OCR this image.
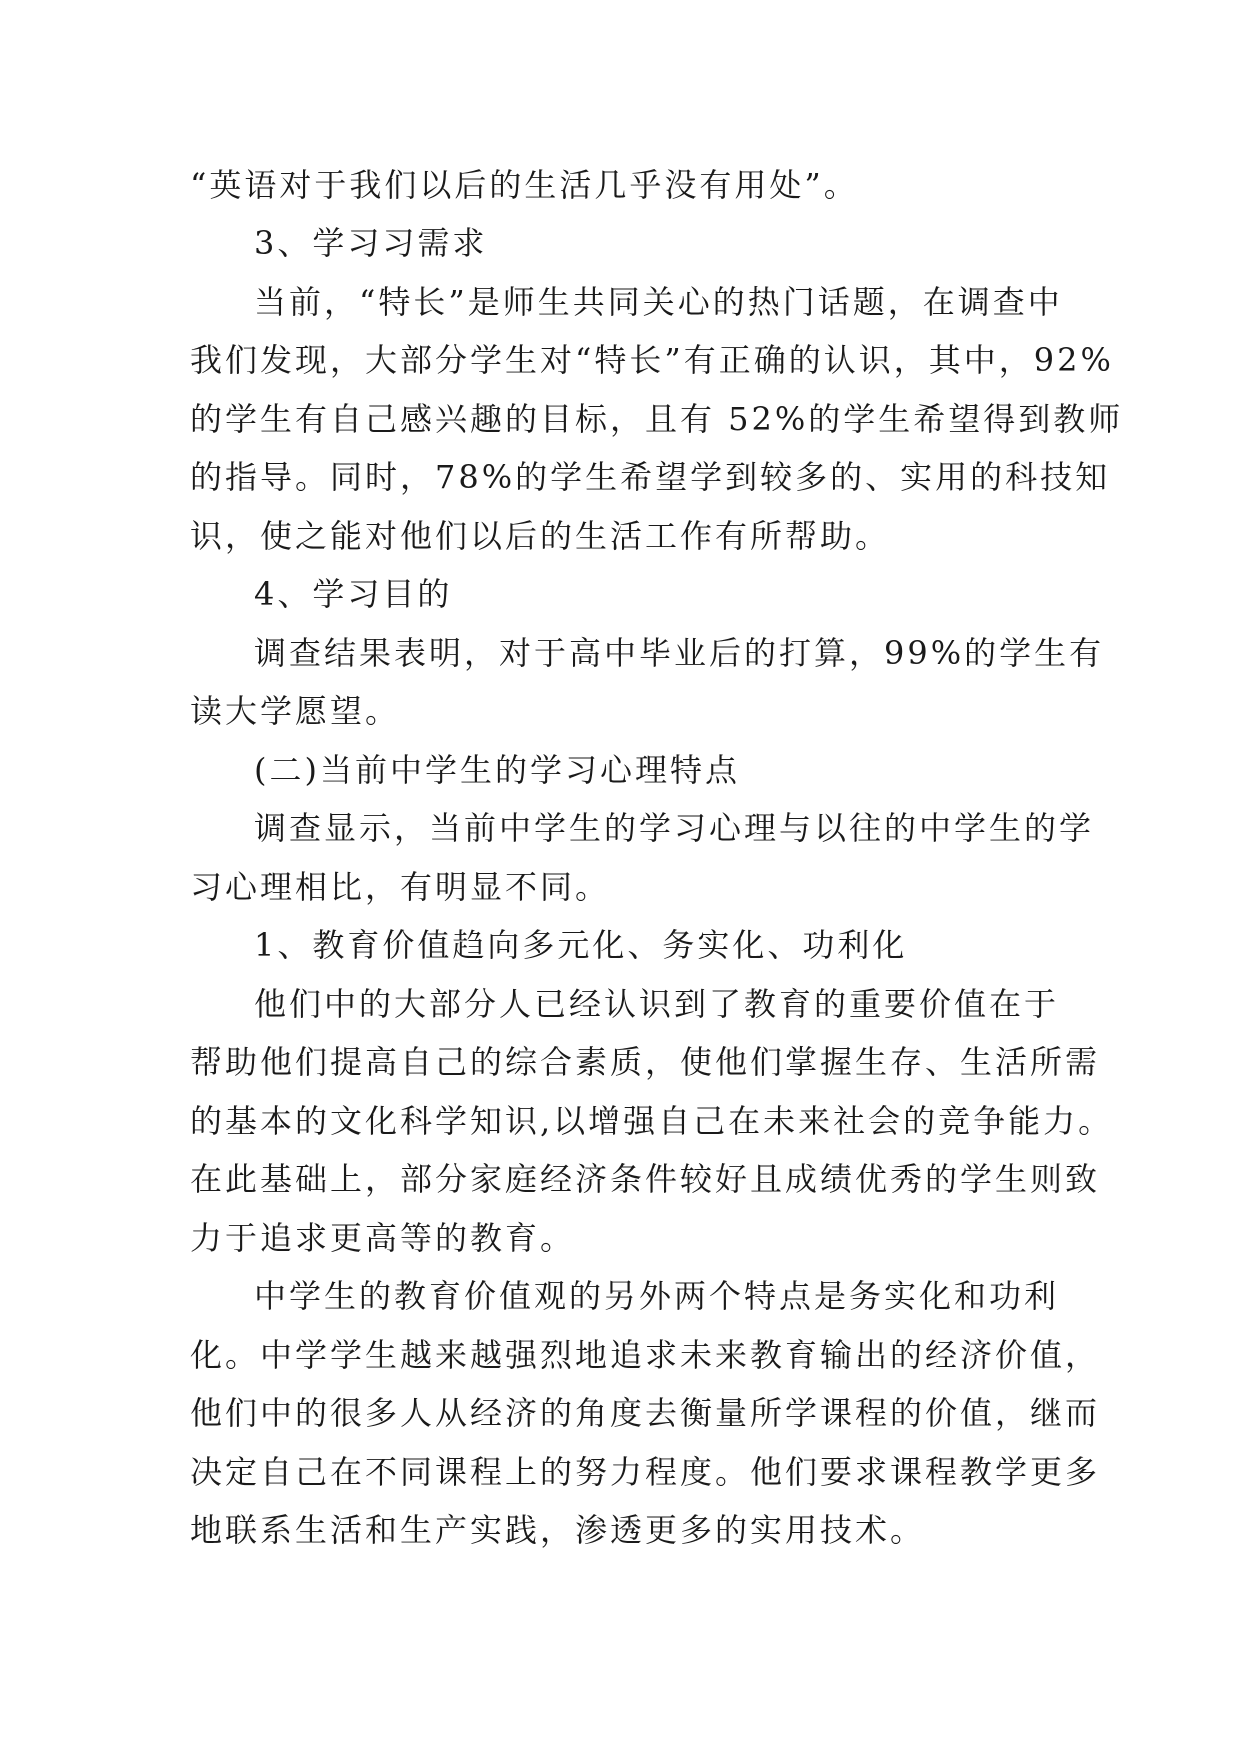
“英语对于我们以后的生活几乎没有用处”。
3、学习习需求
当前，“特长”是师生共同关心的热门话题，在调查中
我们发现，大部分学生对“特长”有正确的认识，其中，92%
的学生有自己感兴趣的目标，且有 52%的学生希望得到教师
的指导。同时，78%的学生希望学到较多的、实用的科技知
识，使之能对他们以后的生活工作有所帮助。
4、学习目的
调查结果表明，对于高中毕业后的打算，99%的学生有
读大学愿望。
(二)当前中学生的学习心理特点
调查显示，当前中学生的学习心理与以往的中学生的学
习心理相比，有明显不同。
1、教育价值趋向多元化、务实化、功利化
他们中的大部分人已经认识到了教育的重要价值在于
帮助他们提高自己的综合素质，使他们掌握生存、生活所需
的基本的文化科学知识,以增强自己在未来社会的竞争能力。
在此基础上，部分家庭经济条件较好且成绩优秀的学生则致
力于追求更高等的教育。
中学生的教育价值观的另外两个特点是务实化和功利
化。中学学生越来越强烈地追求未来教育输出的经济价值，
他们中的很多人从经济的角度去衡量所学课程的价值，继而
决定自己在不同课程上的努力程度。他们要求课程教学更多
地联系生活和生产实践，渗透更多的实用技术。
